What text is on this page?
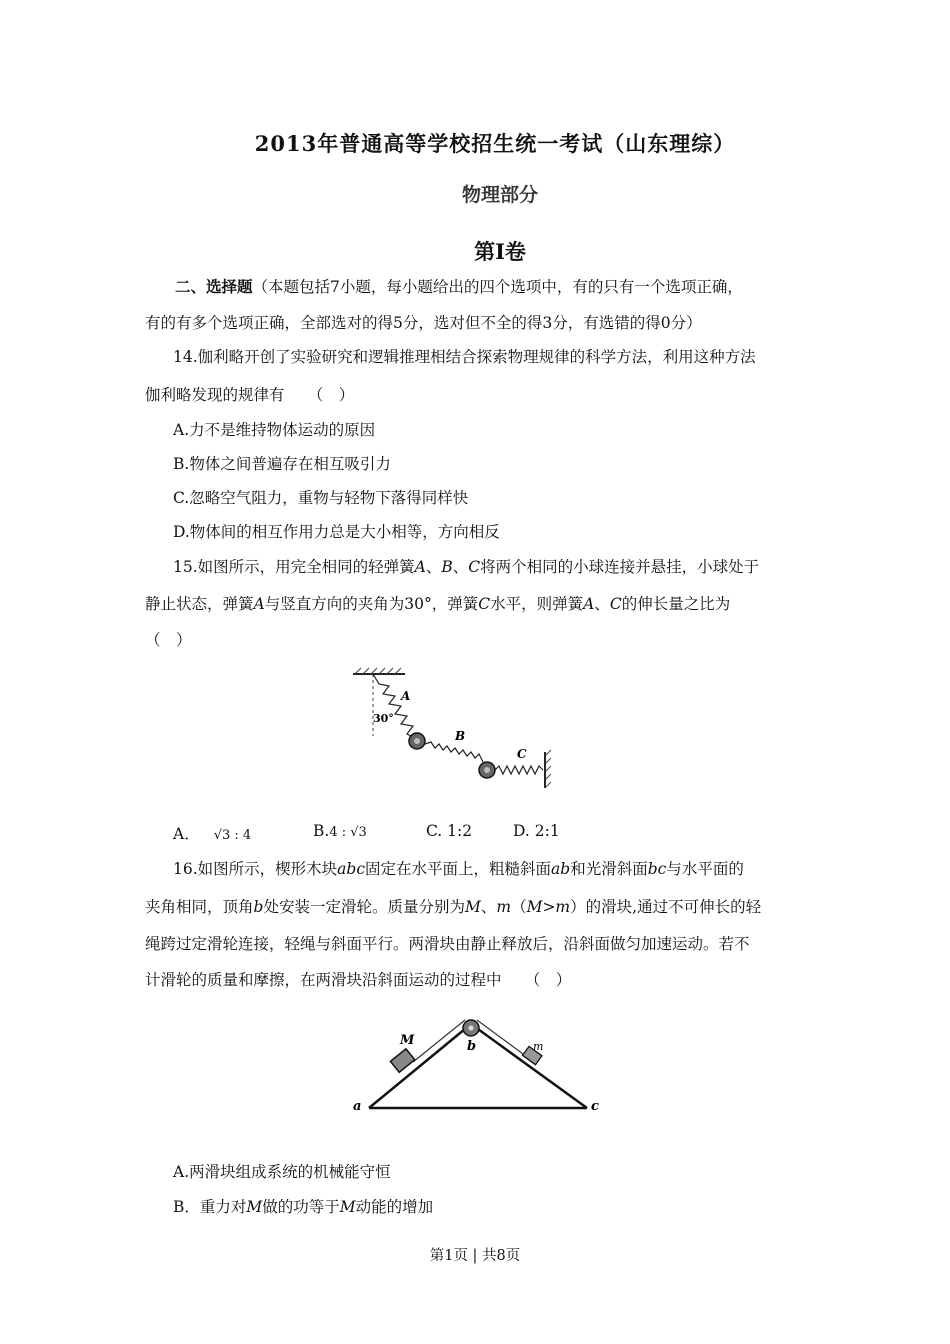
2013年普通高等学校招生统一考试（山东理综）
物理部分
第I卷
二、选择题（本题包括7小题，每小题给出的四个选项中，有的只有一个选项正确，
有的有多个选项正确，全部选对的得5分，选对但不全的得3分，有选错的得0分）
14.伽利略开创了实验研究和逻辑推理相结合探索物理规律的科学方法，利用这种方法
伽利略发现的规律有　　（　）
A.力不是维持物体运动的原因
B.物体之间普遍存在相互吸引力
C.忽略空气阻力，重物与轻物下落得同样快
D.物体间的相互作用力总是大小相等，方向相反
15.如图所示，用完全相同的轻弹簧A、B、C将两个相同的小球连接并悬挂，小球处于
静止状态，弹簧A与竖直方向的夹角为30°，弹簧C水平，则弹簧A、C的伸长量之比为
（　）
30°
A
B
C
A． √3 : 4	B.4 : √3	C. 1:2	D. 2:1
16.如图所示，楔形木块abc固定在水平面上，粗糙斜面ab和光滑斜面bc与水平面的
夹角相同，顶角b处安装一定滑轮。质量分别为M、m（M>m）的滑块,通过不可伸长的轻
绳跨过定滑轮连接，轻绳与斜面平行。两滑块由静止释放后，沿斜面做匀加速运动。若不
计滑轮的质量和摩擦，在两滑块沿斜面运动的过程中　　（　）
M	m
b
a	c
A.两滑块组成系统的机械能守恒
B．重力对M做的功等于M动能的增加
第1页 | 共8页
